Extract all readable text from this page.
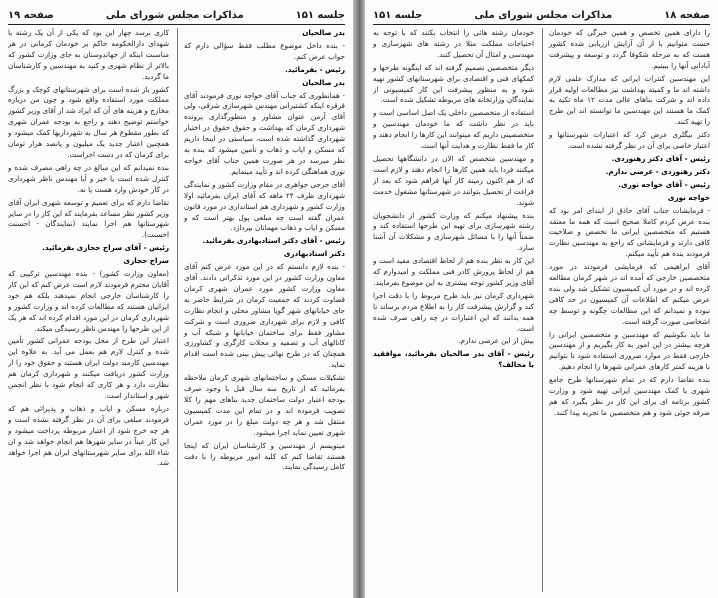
جلسه ۱۵۱
مذاکرات مجلس شورای ملی
صفحه ۱۹

بدر صالحیان

- بنده داخل موضوع مطلب فقط سؤالی دارم که جواب عرض کنم.

رئیس - بفرمائید.

بدر صالحیان

- همانطوری که جناب آقای خواجه نوری فرمودند آقای قرقره اینکه کشتیرانی مهندس شهرسازی شرقی، ولی آقای آرمن عنوان مشاور و منظورگذاری پرونده شهرداری کرمان که بهداشت و حقوق حقوق در اختیار شهرداری گذاشته شده است، سیاستی در اینجا داریم که مسکن و ایاب و ذهاب و تأمین میشود که بنده به نظر میرسد در هر صورت همین جناب آقای خواجه نوری هماهنگی کرده اند و تأیید مینمایم.

آقای جرجی جواهری در مقام وزارت کشور و نمایندگی شهرداری ظرف ۲۴ ماهه که آقای ایران بفرمائید اولا وزارت کشور و شهرداری هم استانداری در مورد قانون عمران گفته است چه مبلغی پول بهتر است که و مسکن و ایاب و ذهاب مهمانان بپردازد.

رئیس - آقای دکتر استادبهادری بفرمائید.

دکتر استادبهادری

- بنده لازم دانستم که در این مورد عرض کنم آقای معاون وزارت کشور در این مورد تذکراتی دادند. آقای معاون وزارت کشور مورد عمران شهری کرمان قضاوت کردند که جمعیت کرمان در شرایط حاضر به جای خیابانهای شهر گویا مشاور محلی و انجام نظارت کافی و لازم برای شهرداری ضروری است و شرکت مشاور فقط برای ساختمان خیابانها و شبکه آب و کانالهای آب و تصفیه و محلات کارگری و کشاورزی همچنان که در طرح نهائی پیش بینی شده است اقدام نماید.

تشکیلات مسکن و ساختمانهای شهری کرمان ملاحظه بفرمائید که از تاریخ سه سال قبل با وجود صرف بودجه اعتبار دولت ساختمان جدید بناهای مهم را کلا تصویب فرموده اند و در تمام این مدت کمیسیون منتقل شد و هر چه دولت مبلغ را در مورد عمران شهری تعیین نماید اجرا میشود.

مینویسم از مهندسین و کارشناسان ایران که اینجا هستند تقاضا کنم که کلیه امور مربوطه را با دقت کامل رسیدگی نمایند.

کاری نرسد چهار این بود که یکی از آن یک رشته با شهدای دارالحکومه حاکم بر خودمان کرمانی در هر مناسبت اینکه از جهاندوستان به جای وزارت کشور که بالاتر از نظام شهری و کنید به مهندسین و کارشناسان ما گردید.

کشور باز شده است برای شهرستانهای کوچک و بزرگ مملکت مورد استفاده واقع شود و چون من درباره مخارج و هزینه های آن که ایراد شد از آقای وزیر کشور خواستم توضیح دهند و راجع به بودجه عمران شهری که بطور مقطوع هر سال به شهرداریها کمک میشود و همچنین اعتبار جدید یک میلیون و پانصد هزار تومان برای کرمان که در دست اجراست.

بنده نمیدانم که این مبالغ در چه راهی مصرف شده و کنترل شده است یا خیر و آیا مهندس ناظر شهرداری در کار خودش وارد هست یا نه.

تقاضا دارم که برای تعمیم و توسعه شهری ایران آقای وزیر کشور نظر مساعد بفرمایند که این کار را در سایر شهرستانها هم اجرا نمایند (نمایندگان - احسنت احسنت).

رئیس - آقای سراج حجازی بفرمائید.

سراج حجازی

(معاون وزارت کشور) - بنده مهندسین ترکیبی که آقایان محترم فرمودند لازم است عرض کنم که این کار را کارشناسان خارجی انجام نمیدهند بلکه هم خود ایرانیان هستند که مطالعات کرده اند و وزارت کشور و شهرداری کرمان در این مورد اقدام کرده اند که هر یک از این طرحها را مهندس ناظر رسیدگی میکند.

اعتبار این طرح از محل بودجه عمرانی کشور تأمین شده و کنترل لازم هم بعمل می آید. به علاوه این مهندسین کارمند دولت ایران هستند و حقوق خود را از وزارت کشور دریافت میکنند و شهرداری کرمان هم نظارت دارد و هر کاری که انجام شود با نظر انجمن شهر و استاندار است.

درباره مسکن و ایاب و ذهاب و پذیرائی هم که فرمودند مبلغی برای آن در نظر گرفته نشده است و هر چه خرج شود از اعتبار مربوطه پرداخت میشود و این کار عیناً در سایر شهرها هم انجام خواهد شد و ان شاء الله برای سایر شهرستانهای ایران هم اجرا خواهد شد.

صفحه ۱۸
مذاکرات مجلس شورای ملی
جلسه ۱۵۱

را دارای همین تخصص و همین خبرگی که خودمان حست متوانیم با از آن آرایش ارزیابی شده کشور هست که به مرحله شکوفا گردد و توسعه و پیشرفت آبادانی آنها را ببینیم.

این مهندسین کنترات ایرانی که مدارک علمی لازم داشته اند ما و کمیته بهداشت نیز مطالعات اولیه قرار داده اند و شرکت بناهای عالی مدت ۱۲ ماه تکیه به کمک ما هستند این مهندسین ما توانسته اند این طرح را تهیه کنند.

دکتر بیگلری عرض کرد که اعتبارات شهرستانها و اعتبار خاصی برای آن در نظر گرفته نشده است.

رئیس - آقای دکتر رهنوردی.

دکتر رهنوردی - عرضی ندارم.

رئیس - آقای خواجه نوری.

خواجه نوری

- فرمایشات جناب آقای حاذق از ابتدای امر بود که بنده عرض کردم کاملا صحیح است که همه ما معتقد هستیم که متخصصین ایرانی ما تخصص و صلاحیت کافی دارند و فرمایشاتی که راجع به مهندسین نظارت فرمودند بنده هم تأیید میکنم.

آقای ابراهیمی که فرمایشی فرمودند در مورد متخصصین خارجی که آمده اند در شهر کرمان مطالعه کرده اند و در مورد آن کمیسیون تشکیل شد ولی بنده عرض میکنم که اطلاعات آن کمیسیون در حد کافی نبوده و نمیدانم که این مطالعات چگونه و توسط چه اشخاصی صورت گرفته است.

ما باید بکوشیم که مهندسین و متخصصین ایرانی را هرچه بیشتر در این امور به کار بگیریم و از مهندسین خارجی فقط در موارد ضروری استفاده شود تا بتوانیم با هزینه کمتر کارهای عمرانی شهرها را انجام دهیم.

بنده تقاضا دارم که در تمام شهرستانها طرح جامع شهری با کمک مهندسین ایرانی تهیه شود و وزارت کشور برنامه ای برای این کار در نظر بگیرد که هم صرفه جوئی شود و هم متخصصین ما تجربه پیدا کنند.

خودمان رشته هائی را انتخاب بکنند که با توجه به احتیاجات مملکت مثلا در رشته های شهرسازی و مهندسی و امثال آن تحصیل کنند.

دیگر متخصصین تصمیم گرفته اند که اینگونه طرحها و کمکهای فنی و اقتصادی برای شهرستانهای کشور تهیه شود و به منظور پیشرفت این کار کمیسیونی از نمایندگان وزارتخانه های مربوطه تشکیل شده است.

استفاده از متخصصین داخلی یک اصل اساسی است و باید در نظر داشت که ما خودمان مهندسین و متخصصینی داریم که میتوانند این کارها را انجام دهند و کار ما فقط نظارت و هدایت آنها است.

و مهندسین متخصص که الان در دانشگاهها تحصیل میکنند فردا باید همین کارها را انجام دهند و لازم است که از هم اکنون زمینه کار آنها فراهم شود که بعد از فراغت از تحصیل بتوانند در شهرستانها مشغول خدمت شوند.

بنده پیشنهاد میکنم که وزارت کشور از دانشجویان رشته شهرسازی برای تهیه این طرحها استفاده کند و ضمناً آنها را با مسائل شهرسازی و مشکلات آن آشنا سازد.

این کار به نظر بنده هم از لحاظ اقتصادی مفید است و هم از لحاظ پرورش کادر فنی مملکت و امیدوارم که آقای وزیر کشور توجه بیشتری به این موضوع بفرمایند.

شهرداری کرمان نیز باید طرح مربوط را با دقت اجرا کند و گزارش پیشرفت کار را به اطلاع مردم برساند تا همه بدانند که این اعتبارات در چه راهی صرف شده است.

بیش از این عرضی ندارم.

رئیس - آقای بدر صالحیان بفرمائید، موافقید یا مخالف؟
